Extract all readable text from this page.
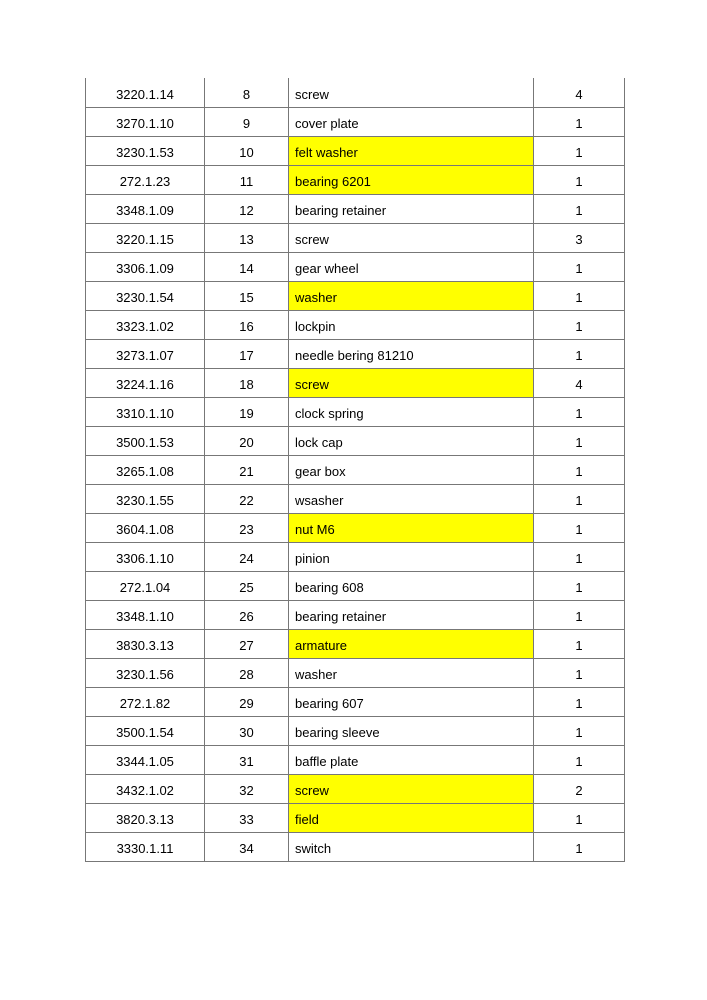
3220.1.14	8	screw	4
3270.1.10	9	cover plate	1
3230.1.53	10	felt washer	1
272.1.23	11	bearing 6201	1
3348.1.09	12	bearing retainer	1
3220.1.15	13	screw	3
3306.1.09	14	gear wheel	1
3230.1.54	15	washer	1
3323.1.02	16	lockpin	1
3273.1.07	17	needle bering 81210	1
3224.1.16	18	screw	4
3310.1.10	19	clock spring	1
3500.1.53	20	lock cap	1
3265.1.08	21	gear box	1
3230.1.55	22	wsasher	1
3604.1.08	23	nut M6	1
3306.1.10	24	pinion	1
272.1.04	25	bearing 608	1
3348.1.10	26	bearing retainer	1
3830.3.13	27	armature	1
3230.1.56	28	washer	1
272.1.82	29	bearing 607	1
3500.1.54	30	bearing sleeve	1
3344.1.05	31	baffle plate	1
3432.1.02	32	screw	2
3820.3.13	33	field	1
3330.1.11	34	switch	1
